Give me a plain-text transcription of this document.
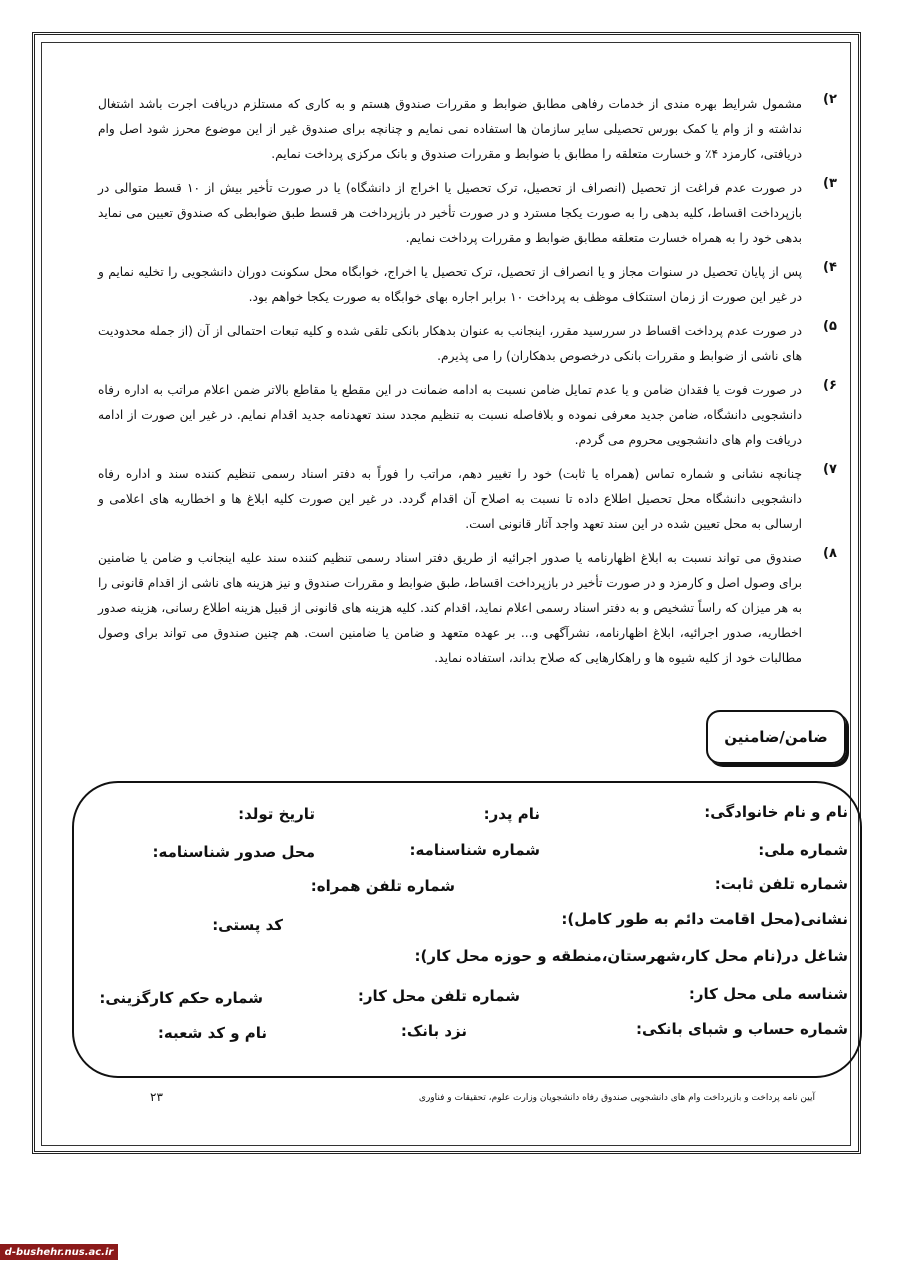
۲)
مشمول شرایط بهره مندی از خدمات رفاهی مطابق ضوابط و مقررات صندوق هستم و به کاری که مستلزم دریافت اجرت باشد اشتغال نداشته و از وام یا کمک بورس تحصیلی سایر سازمان ها استفاده نمی نمایم و چنانچه برای صندوق غیر از این موضوع محرز شود اصل وام دریافتی، کارمزد ۴٪ و خسارت متعلقه را مطابق با ضوابط و مقررات صندوق و بانک مرکزی پرداخت نمایم.
۳)
در صورت عدم فراغت از تحصیل (انصراف از تحصیل، ترک تحصیل یا اخراج از دانشگاه) یا در صورت تأخیر بیش از ۱۰ قسط متوالی در بازپرداخت اقساط، کلیه بدهی را به صورت یکجا مسترد و در صورت تأخیر در بازپرداخت هر قسط طبق ضوابطی که صندوق تعیین می نماید بدهی خود را به همراه خسارت متعلقه مطابق ضوابط و مقررات پرداخت نمایم.
۴)
پس از پایان تحصیل در سنوات مجاز و یا انصراف از تحصیل، ترک تحصیل یا اخراج، خوابگاه محل سکونت دوران دانشجویی را تخلیه نمایم و در غیر این صورت از زمان استنکاف موظف به پرداخت ۱۰ برابر اجاره بهای خوابگاه به صورت یکجا خواهم بود.
۵)
در صورت عدم پرداخت اقساط در سررسید مقرر، اینجانب به عنوان بدهکار بانکی تلقی شده و کلیه تبعات احتمالی از آن (از جمله محدودیت های ناشی از ضوابط و مقررات بانکی درخصوص بدهکاران) را می پذیرم.
۶)
در صورت فوت یا فقدان ضامن و یا عدم تمایل ضامن نسبت به ادامه ضمانت در این مقطع یا مقاطع بالاتر ضمن اعلام مراتب به اداره رفاه دانشجویی دانشگاه، ضامن جدید معرفی نموده و بلافاصله نسبت به تنظیم مجدد سند تعهدنامه جدید اقدام نمایم. در غیر این صورت از ادامه دریافت وام های دانشجویی محروم می گردم.
۷)
چنانچه نشانی و شماره تماس (همراه یا ثابت) خود را تغییر دهم، مراتب را فوراً به دفتر اسناد رسمی تنظیم کننده سند و اداره رفاه دانشجویی دانشگاه محل تحصیل اطلاع داده تا نسبت به اصلاح آن اقدام گردد. در غیر این صورت کلیه ابلاغ ها و اخطاریه های اعلامی و ارسالی به محل تعیین شده در این سند تعهد واجد آثار قانونی است.
۸)
صندوق می تواند نسبت به ابلاغ اظهارنامه یا صدور اجرائیه از طریق دفتر اسناد رسمی تنظیم کننده سند علیه اینجانب و ضامن یا ضامنین برای وصول اصل و کارمزد و در صورت تأخیر در بازپرداخت اقساط، طبق ضوابط و مقررات صندوق و نیز هزینه های ناشی از اقدام قانونی را به هر میزان که راساً تشخیص و به دفتر اسناد رسمی اعلام نماید، اقدام کند. کلیه هزینه های قانونی از قبیل هزینه اطلاع رسانی، هزینه صدور اخطاریه، صدور اجرائیه، ابلاغ اظهارنامه، نشرآگهی و... بر عهده متعهد و ضامن یا ضامنین است. هم چنین صندوق می تواند برای وصول مطالبات خود از کلیه شیوه ها و راهکارهایی که صلاح بداند، استفاده نماید.
ضامن/ضامنین
نام و نام خانوادگی:
نام پدر:
تاریخ تولد:
شماره ملی:
شماره شناسنامه:
محل صدور شناسنامه:
شماره تلفن ثابت:
شماره تلفن همراه:
نشانی(محل اقامت دائم به طور کامل):
کد پستی:
شاغل در(نام محل کار،شهرستان،منطقه و حوزه محل کار):
شناسه ملی محل کار:
شماره تلفن محل کار:
شماره حکم کارگزینی:
شماره حساب و شبای بانکی:
نزد بانک:
نام و کد شعبه:
آیین نامه پرداخت و بازپرداخت وام های دانشجویی صندوق رفاه دانشجویان وزارت علوم، تحقیقات و فناوری
۲۳
d-bushehr.nus.ac.ir
